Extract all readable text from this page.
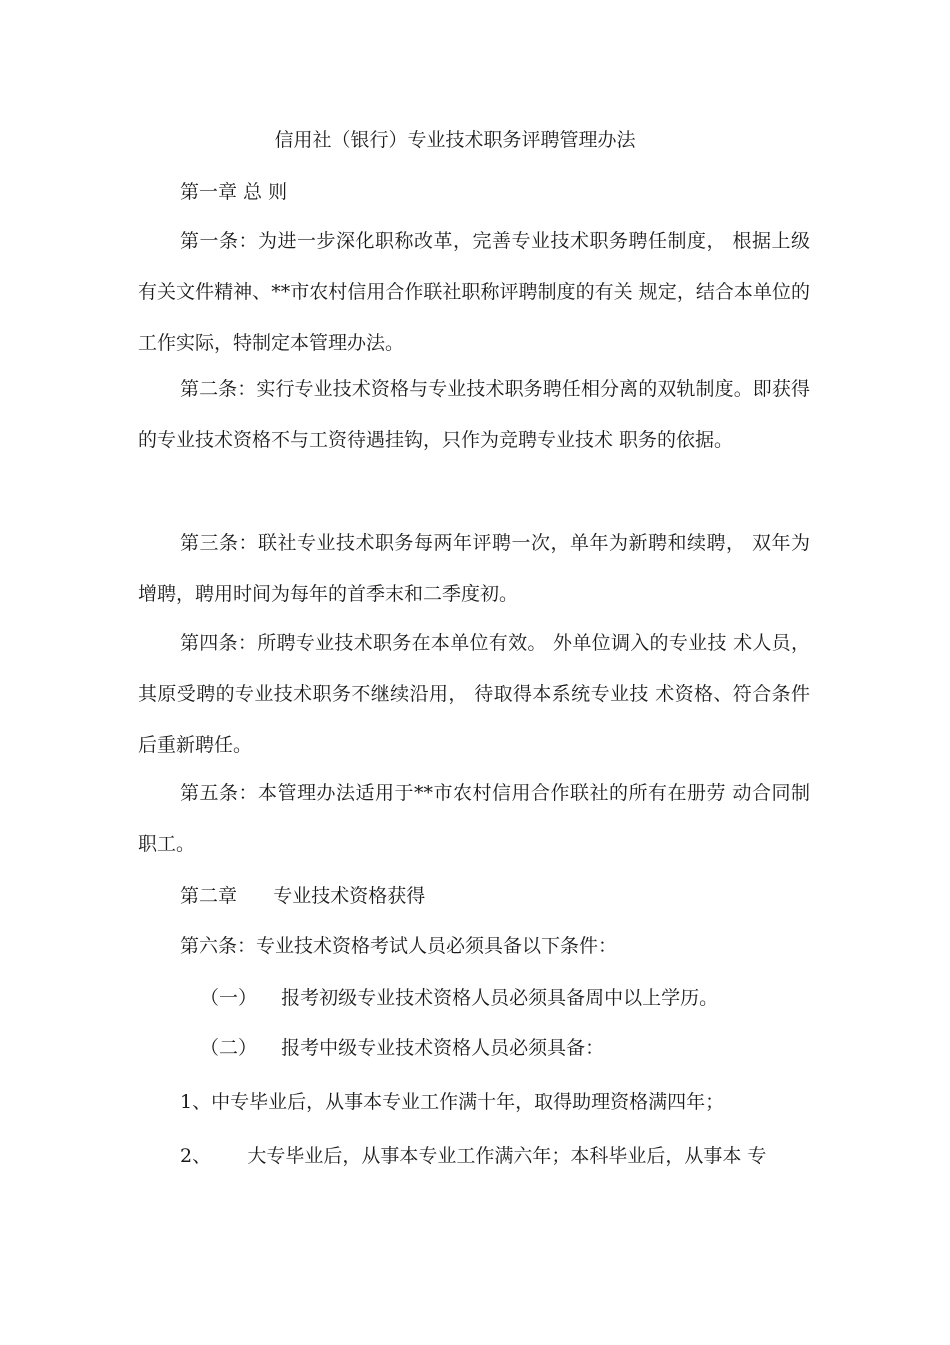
信用社（银行）专业技术职务评聘管理办法
第一章 总 则

第一条：为进一步深化职称改革，完善专业技术职务聘任制度， 根据上级有关文件精神、**市农村信用合作联社职称评聘制度的有关 规定，结合本单位的工作实际，特制定本管理办法。

第二条：实行专业技术资格与专业技术职务聘任相分离的双轨制度。即获得的专业技术资格不与工资待遇挂钩，只作为竞聘专业技术 职务的依据。

第三条：联社专业技术职务每两年评聘一次，单年为新聘和续聘， 双年为增聘，聘用时间为每年的首季末和二季度初。

第四条：所聘专业技术职务在本单位有效。 外单位调入的专业技 术人员，其原受聘的专业技术职务不继续沿用， 待取得本系统专业技 术资格、符合条件后重新聘任。

第五条：本管理办法适用于**市农村信用合作联社的所有在册劳 动合同制职工。

第二章      专业技术资格获得
第六条：专业技术资格考试人员必须具备以下条件：
（一）    报考初级专业技术资格人员必须具备周中以上学历。
（二）    报考中级专业技术资格人员必须具备：
1、中专毕业后，从事本专业工作满十年，取得助理资格满四年；
2、      大专毕业后，从事本专业工作满六年；本科毕业后，从事本 专
